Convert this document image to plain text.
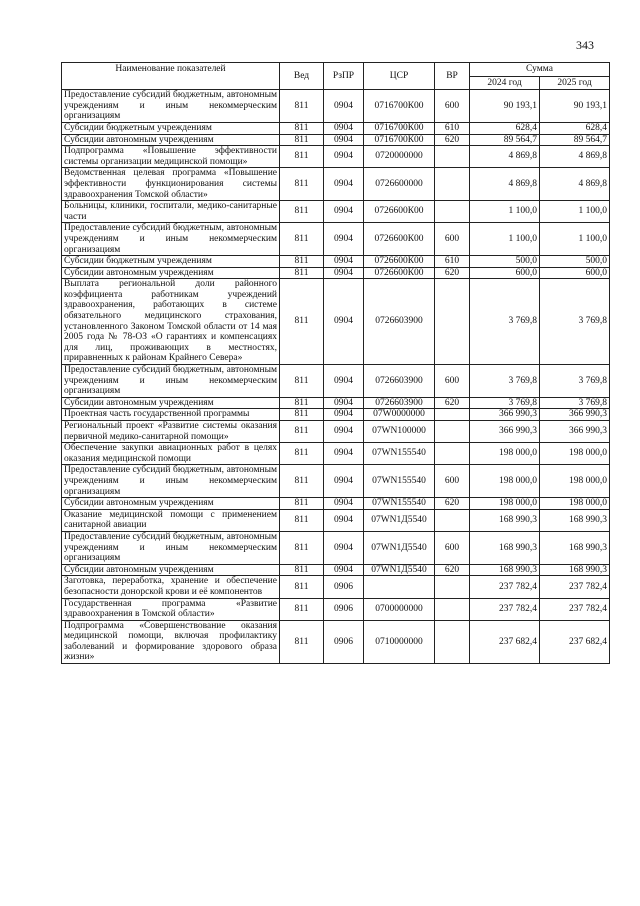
343
Наименование показателей	Вед	РзПР	ЦСР	ВР	Сумма	
					2024 год	2025 год
Предоставление субсидий бюджетным, автономным учреждениям и иным некоммерческим организациям	811	0904	0716700К00	600	90 193,1	90 193,1
Субсидии бюджетным учреждениям	811	0904	0716700К00	610	628,4	628,4
Субсидии автономным учреждениям	811	0904	0716700К00	620	89 564,7	89 564,7
Подпрограмма «Повышение эффективности системы организации медицинской помощи»	811	0904	0720000000		4 869,8	4 869,8
Ведомственная целевая программа «Повышение эффективности функционирования системы здравоохранения Томской области»	811	0904	0726600000		4 869,8	4 869,8
Больницы, клиники, госпитали, медико-санитарные части	811	0904	0726600К00		1 100,0	1 100,0
Предоставление субсидий бюджетным, автономным учреждениям и иным некоммерческим организациям	811	0904	0726600К00	600	1 100,0	1 100,0
Субсидии бюджетным учреждениям	811	0904	0726600К00	610	500,0	500,0
Субсидии автономным учреждениям	811	0904	0726600К00	620	600,0	600,0
Выплата региональной доли районного коэффициента работникам учреждений здравоохранения, работающих в системе обязательного медицинского страхования, установленного Законом Томской области от 14 мая 2005 года № 78-ОЗ «О гарантиях и компенсациях для лиц, проживающих в местностях, приравненных к районам Крайнего Севера»	811	0904	0726603900		3 769,8	3 769,8
Предоставление субсидий бюджетным, автономным учреждениям и иным некоммерческим организациям	811	0904	0726603900	600	3 769,8	3 769,8
Субсидии автономным учреждениям	811	0904	0726603900	620	3 769,8	3 769,8
Проектная часть государственной программы	811	0904	07W0000000		366 990,3	366 990,3
Региональный проект «Развитие системы оказания первичной медико-санитарной помощи»	811	0904	07WN100000		366 990,3	366 990,3
Обеспечение закупки авиационных работ в целях оказания медицинской помощи	811	0904	07WN155540		198 000,0	198 000,0
Предоставление субсидий бюджетным, автономным учреждениям и иным некоммерческим организациям	811	0904	07WN155540	600	198 000,0	198 000,0
Субсидии автономным учреждениям	811	0904	07WN155540	620	198 000,0	198 000,0
Оказание медицинской помощи с применением санитарной авиации	811	0904	07WN1Д5540		168 990,3	168 990,3
Предоставление субсидий бюджетным, автономным учреждениям и иным некоммерческим организациям	811	0904	07WN1Д5540	600	168 990,3	168 990,3
Субсидии автономным учреждениям	811	0904	07WN1Д5540	620	168 990,3	168 990,3
Заготовка, переработка, хранение и обеспечение безопасности донорской крови и её компонентов	811	0906			237 782,4	237 782,4
Государственная программа «Развитие здравоохранения в Томской области»	811	0906	0700000000		237 782,4	237 782,4
Подпрограмма «Совершенствование оказания медицинской помощи, включая профилактику заболеваний и формирование здорового образа жизни»	811	0906	0710000000		237 682,4	237 682,4
